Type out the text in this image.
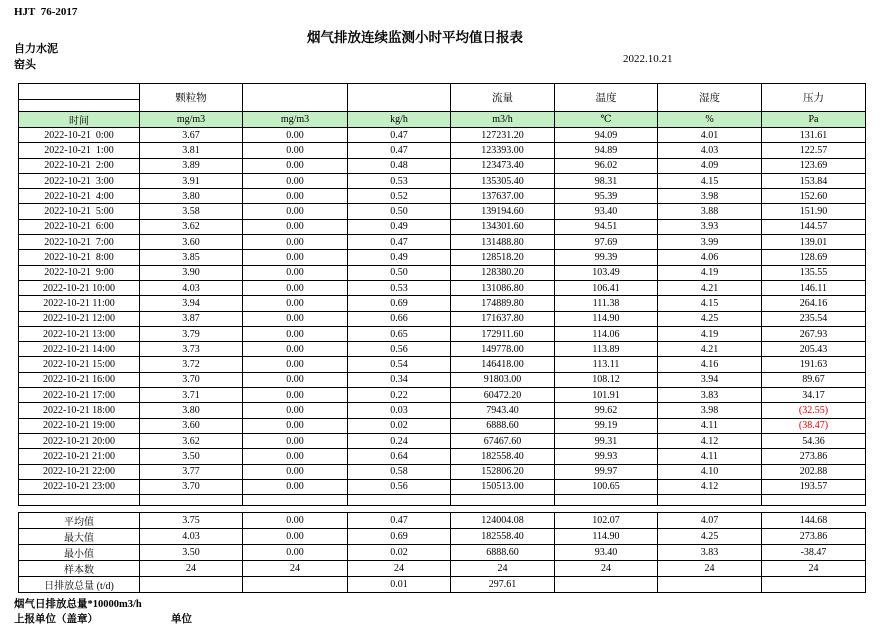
HJT  76-2017
烟气排放连续监测小时平均值日报表
自力水泥
窑头	2022.10.21
	颗粒物			流量	温度	湿度	压力

时间	mg/m3	mg/m3	kg/h	m3/h	℃	%	Pa
2022-10-21  0:00	3.67	0.00	0.47	127231.20	94.09	4.01	131.61
2022-10-21  1:00	3.81	0.00	0.47	123393.00	94.89	4.03	122.57
2022-10-21  2:00	3.89	0.00	0.48	123473.40	96.02	4.09	123.69
2022-10-21  3:00	3.91	0.00	0.53	135305.40	98.31	4.15	153.84
2022-10-21  4:00	3.80	0.00	0.52	137637.00	95.39	3.98	152.60
2022-10-21  5:00	3.58	0.00	0.50	139194.60	93.40	3.88	151.90
2022-10-21  6:00	3.62	0.00	0.49	134301.60	94.51	3.93	144.57
2022-10-21  7:00	3.60	0.00	0.47	131488.80	97.69	3.99	139.01
2022-10-21  8:00	3.85	0.00	0.49	128518.20	99.39	4.06	128.69
2022-10-21  9:00	3.90	0.00	0.50	128380.20	103.49	4.19	135.55
2022-10-21 10:00	4.03	0.00	0.53	131086.80	106.41	4.21	146.11
2022-10-21 11:00	3.94	0.00	0.69	174889.80	111.38	4.15	264.16
2022-10-21 12:00	3.87	0.00	0.66	171637.80	114.90	4.25	235.54
2022-10-21 13:00	3.79	0.00	0.65	172911.60	114.06	4.19	267.93
2022-10-21 14:00	3.73	0.00	0.56	149778.00	113.89	4.21	205.43
2022-10-21 15:00	3.72	0.00	0.54	146418.00	113.11	4.16	191.63
2022-10-21 16:00	3.70	0.00	0.34	91803.00	108.12	3.94	89.67
2022-10-21 17:00	3.71	0.00	0.22	60472.20	101.91	3.83	34.17
2022-10-21 18:00	3.80	0.00	0.03	7943.40	99.62	3.98	(32.55)
2022-10-21 19:00	3.60	0.00	0.02	6888.60	99.19	4.11	(38.47)
2022-10-21 20:00	3.62	0.00	0.24	67467.60	99.31	4.12	54.36
2022-10-21 21:00	3.50	0.00	0.64	182558.40	99.93	4.11	273.86
2022-10-21 22:00	3.77	0.00	0.58	152806.20	99.97	4.10	202.88
2022-10-21 23:00	3.70	0.00	0.56	150513.00	100.65	4.12	193.57

平均值	3.75	0.00	0.47	124004.08	102.07	4.07	144.68
最大值	4.03	0.00	0.69	182558.40	114.90	4.25	273.86
最小值	3.50	0.00	0.02	6888.60	93.40	3.83	-38.47
样本数	24	24	24	24	24	24	24
日排放总量 (t/d)			0.01	297.61			
烟气日排放总量*10000m3/h
上报单位（盖章）	单位
